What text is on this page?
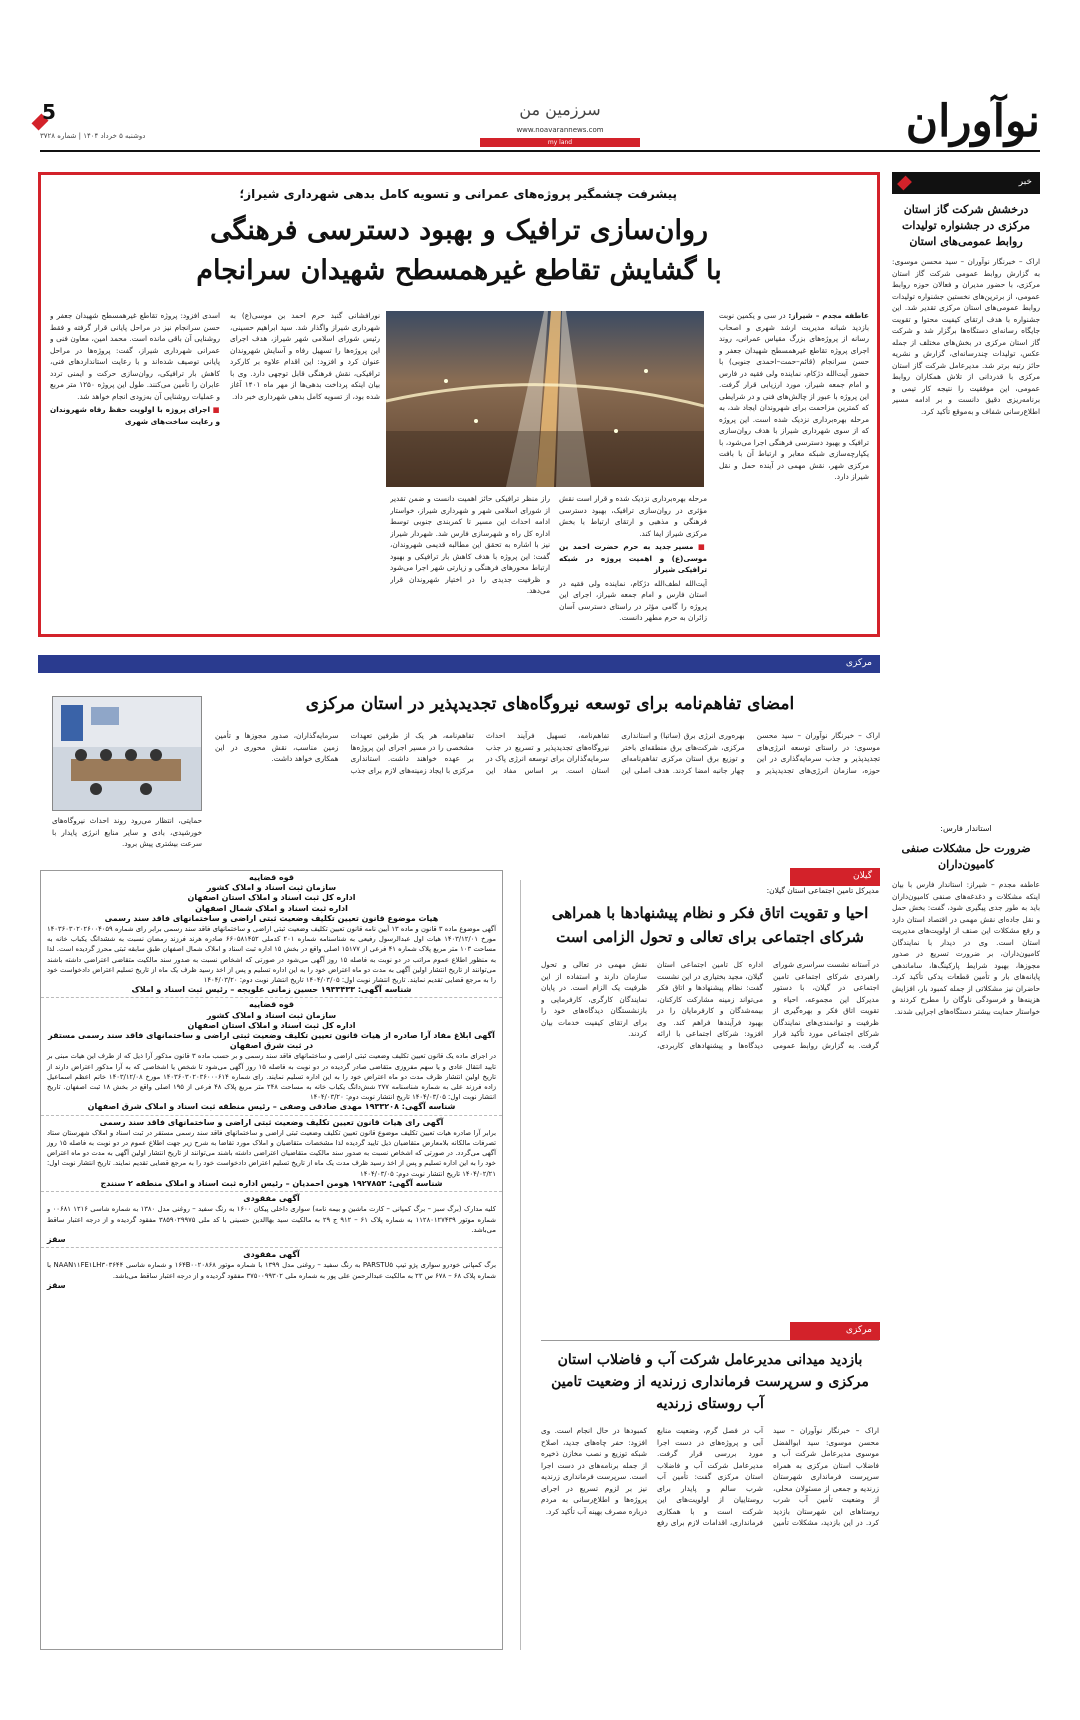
نوآوران
سرزمین من
www.noavarannews.com
my land
5
دوشنبه ۵ خرداد ۱۴۰۴ | شماره ۳۷۲۸
پیشرفت چشمگیر پروژه‌های عمرانی و تسویه کامل بدهی شهرداری شیراز؛
روان‌سازی ترافیک و بهبود دسترسی فرهنگی
با گشایش تقاطع غیرهمسطح شهیدان سرانجام
عاطفه مجدم – شیراز: در سی و یکمین نوبت بازدید شبانه مدیریت ارشد شهری و اصحاب رسانه از پروژه‌های بزرگ مقیاس عمرانی، روند اجرای پروژه تقاطع غیرهمسطح شهیدان جعفر و حسن سرانجام (قائم–حمت–احمدی جنوبی) با حضور آیت‌الله دژکام، نماینده ولی فقیه در فارس و امام جمعه شیراز، مورد ارزیابی قرار گرفت. این پروژه با عبور از چالش‌های فنی و در شرایطی که کمترین مزاحمت برای شهروندان ایجاد شد، به مرحله بهره‌برداری نزدیک شده است. این پروژه که از سوی شهرداری شیراز با هدف روان‌سازی ترافیک و بهبود دسترسی فرهنگی اجرا می‌شود، با یکپارچه‌سازی شبکه معابر و ارتباط آن با بافت مرکزی شهر، نقش مهمی در آینده حمل و نقل شیراز دارد.
مرحله بهره‌برداری نزدیک شده و قرار است نقش مؤثری در روان‌سازی ترافیک، بهبود دسترسی فرهنگی و مذهبی و ارتقای ارتباط با بخش مرکزی شیراز ایفا کند.
■ مسیر جدید به حرم حضرت احمد بن موسی(ع) و اهمیت پروژه در شبکه ترافیکی شیراز
آیت‌الله لطف‌الله دژکام، نماینده ولی فقیه در استان فارس و امام جمعه شیراز، اجرای این پروژه را گامی مؤثر در راستای دسترسی آسان زائران به حرم مطهر دانست.
راز منظر ترافیکی حائز اهمیت دانست و ضمن تقدیر از شورای اسلامی شهر و شهرداری شیراز، خواستار ادامه احداث این مسیر تا کمربندی جنوبی توسط اداره کل راه و شهرسازی فارس شد. شهردار شیراز نیز با اشاره به تحقق این مطالبه قدیمی شهروندان، گفت: این پروژه با هدف کاهش بار ترافیکی و بهبود ارتباط محورهای فرهنگی و زیارتی شهر اجرا می‌شود و ظرفیت جدیدی را در اختیار شهروندان قرار می‌دهد.
نورافشانی گنبد حرم احمد بن موسی(ع) به شهرداری شیراز واگذار شد. سید ابراهیم حسینی، رئیس شورای اسلامی شهر شیراز، هدف اجرای این پروژه‌ها را تسهیل رفاه و آسایش شهروندان عنوان کرد و افزود: این اقدام علاوه بر کارکرد ترافیکی، نقش فرهنگی قابل توجهی دارد. وی با بیان اینکه پرداخت بدهی‌ها از مهر ماه ۱۴۰۱ آغاز شده بود، از تسویه کامل بدهی شهرداری خبر داد.
اسدی افزود: پروژه تقاطع غیرهمسطح شهیدان جعفر و حسن سرانجام نیز در مراحل پایانی قرار گرفته و فقط روشنایی آن باقی مانده است. محمد امین، معاون فنی و عمرانی شهرداری شیراز، گفت: پروژه‌ها در مراحل پایانی توصیف شده‌اند و با رعایت استانداردهای فنی، کاهش بار ترافیکی، روان‌سازی حرکت و ایمنی تردد عابران را تأمین می‌کنند. طول این پروژه ۱۲۵۰ متر مربع و عملیات روشنایی آن به‌زودی انجام خواهد شد.
■ اجرای پروژه با اولویت حفظ رفاه شهروندان و رعایت ساخت‌های شهری
خبر
درخشش شرکت گاز استان مرکزی در جشنواره تولیدات روابط عمومی‌های استان
اراک – خبرنگار نوآوران – سید محسن موسوی: به گزارش روابط عمومی شرکت گاز استان مرکزی، با حضور مدیران و فعالان حوزه روابط عمومی، از برترین‌های نخستین جشنواره تولیدات روابط عمومی‌های استان مرکزی تقدیر شد. این جشنواره با هدف ارتقای کیفیت محتوا و تقویت جایگاه رسانه‌ای دستگاه‌ها برگزار شد و شرکت گاز استان مرکزی در بخش‌های مختلف از جمله عکس، تولیدات چندرسانه‌ای، گزارش و نشریه حائز رتبه برتر شد. مدیرعامل شرکت گاز استان مرکزی با قدردانی از تلاش همکاران روابط عمومی، این موفقیت را نتیجه کار تیمی و برنامه‌ریزی دقیق دانست و بر ادامه مسیر اطلاع‌رسانی شفاف و به‌موقع تأکید کرد.
استاندار فارس:
ضرورت حل مشکلات صنفی کامیون‌داران
عاطفه مجدم – شیراز: استاندار فارس با بیان اینکه مشکلات و دغدغه‌های صنفی کامیون‌داران باید به طور جدی پیگیری شود، گفت: بخش حمل و نقل جاده‌ای نقش مهمی در اقتصاد استان دارد و رفع مشکلات این صنف از اولویت‌های مدیریت استان است. وی در دیدار با نمایندگان کامیون‌داران، بر ضرورت تسریع در صدور مجوزها، بهبود شرایط پارکینگ‌ها، ساماندهی پایانه‌های بار و تأمین قطعات یدکی تأکید کرد. حاضران نیز مشکلاتی از جمله کمبود بار، افزایش هزینه‌ها و فرسودگی ناوگان را مطرح کردند و خواستار حمایت بیشتر دستگاه‌های اجرایی شدند.
مرکزی
امضای تفاهم‌نامه برای توسعه نیروگاه‌های تجدیدپذیر در استان مرکزی
اراک – خبرنگار نوآوران – سید محسن موسوی: در راستای توسعه انرژی‌های تجدیدپذیر و جذب سرمایه‌گذاری در این حوزه، سازمان انرژی‌های تجدیدپذیر و بهره‌وری انرژی برق (ساتبا) و استانداری مرکزی، شرکت‌های برق منطقه‌ای باختر و توزیع برق استان مرکزی تفاهم‌نامه‌ای چهار جانبه امضا کردند. هدف اصلی این تفاهم‌نامه، تسهیل فرآیند احداث نیروگاه‌های تجدیدپذیر و تسریع در جذب سرمایه‌گذاران برای توسعه انرژی پاک در استان است. بر اساس مفاد این تفاهم‌نامه، هر یک از طرفین تعهدات مشخصی را در مسیر اجرای این پروژه‌ها بر عهده خواهند داشت. استانداری مرکزی با ایجاد زمینه‌های لازم برای جذب سرمایه‌گذاران، صدور مجوزها و تأمین زمین مناسب، نقش محوری در این همکاری خواهد داشت.
حمایتی، انتظار می‌رود روند احداث نیروگاه‌های خورشیدی، بادی و سایر منابع انرژی پایدار با سرعت بیشتری پیش برود.
قوه قضاییه
سازمان ثبت اسناد و املاک کشور
اداره کل ثبت اسناد و املاک استان اصفهان
اداره ثبت اسناد و املاک شمال اصفهان
هیات موضوع قانون تعیین تکلیف وضعیت ثبتی اراضی و ساختمانهای فاقد سند رسمی

آگهی موضوع ماده ۳ قانون و ماده ۱۳ آیین نامه قانون تعیین تکلیف وضعیت ثبتی اراضی و ساختمانهای فاقد سند رسمی برابر رای شماره ۱۴۰۳۶۰۳۰۲۰۲۶۰۰۴۰۵۹ مورخ ۱۴۰۳/۱۲/۰۱ هیات اول عبدالرسول رفیعی به شناسنامه شماره ۲۰۱ کدملی ۶۶۰۵۸۱۴۵۲ صادره هرند فرزند رمضان نسبت به ششدانگ یکباب خانه به مساحت ۱۰۳ متر مربع پلاک شماره ۴۱ فرعی از ۱۵۱۷۷ اصلی واقع در بخش ۱۵ اداره ثبت اسناد و املاک شمال اصفهان طبق سابقه ثبتی محرز گردیده است. لذا به منظور اطلاع عموم مراتب در دو نوبت به فاصله ۱۵ روز آگهی می‌شود در صورتی که اشخاص نسبت به صدور سند مالکیت متقاضی اعتراضی داشته باشند می‌توانند از تاریخ انتشار اولین آگهی به مدت دو ماه اعتراض خود را به این اداره تسلیم و پس از اخذ رسید ظرف یک ماه از تاریخ تسلیم اعتراض دادخواست خود را به مرجع قضایی تقدیم نمایند. تاریخ انتشار نوبت اول: ۱۴۰۴/۰۳/۰۵ تاریخ انتشار نوبت دوم: ۱۴۰۴/۰۳/۲۰

شناسه آگهی: ۱۹۳۳۴۳۳ حسین زمانی علویجه – رئیس ثبت اسناد و املاک
قوه قضاییه
سازمان ثبت اسناد و املاک کشور
اداره کل ثبت اسناد و املاک استان اصفهان
آگهی ابلاغ مفاد آرا صادره از هیات قانون تعیین تکلیف وضعیت ثبتی اراضی و ساختمانهای فاقد سند رسمی مستقر در ثبت شرق اصفهان

در اجرای ماده یک قانون تعیین تکلیف وضعیت ثبتی اراضی و ساختمانهای فاقد سند رسمی و بر حسب ماده ۳ قانون مذکور آرا ذیل که از طرف این هیات مبنی بر تایید انتقال عادی و یا سهم مفروزی متقاضی صادر گردیده در دو نوبت به فاصله ۱۵ روز آگهی می‌شود تا شخص یا اشخاصی که به آرا مذکور اعتراض دارند از تاریخ اولین انتشار ظرف مدت دو ماه اعتراض خود را به این اداره تسلیم نمایند. رای شماره ۱۴۰۳۶۰۳۰۲۰۳۶۰۰۰۶۱۴ مورخ ۱۴۰۳/۱۲/۰۸ خانم اعظم اسماعیل زاده فرزند علی به شماره شناسنامه ۲۷۷ شش‌دانگ یکباب خانه به مساحت ۲۴۸ متر مربع پلاک ۴۸ فرعی از ۱۹۵ اصلی واقع در بخش ۱۸ ثبت اصفهان. تاریخ انتشار نوبت اول: ۱۴۰۴/۰۳/۰۵ تاریخ انتشار نوبت دوم: ۱۴۰۴/۰۳/۲۰

شناسه آگهی: ۱۹۳۳۲۰۸ مهدی صادقی وصفی – رئیس منطقه ثبت اسناد و املاک شرق اصفهان
آگهی رای هیات قانون تعیین تکلیف وضعیت ثبتی اراضی و ساختمانهای فاقد سند رسمی

برابر آرا صادره هیات تعیین تکلیف موضوع قانون تعیین تکلیف وضعیت ثبتی اراضی و ساختمانهای فاقد سند رسمی مستقر در ثبت اسناد و املاک شهرستان ستاد تصرفات مالکانه بلامعارض متقاضیان ذیل تایید گردیده لذا مشخصات متقاضیان و املاک مورد تقاضا به شرح زیر جهت اطلاع عموم در دو نوبت به فاصله ۱۵ روز آگهی می‌گردد. در صورتی که اشخاص نسبت به صدور سند مالکیت متقاضیان اعتراضی داشته باشند می‌توانند از تاریخ انتشار اولین آگهی به مدت دو ماه اعتراض خود را به این اداره تسلیم و پس از اخذ رسید ظرف مدت یک ماه از تاریخ تسلیم اعتراض دادخواست خود را به مرجع قضایی تقدیم نمایند. تاریخ انتشار نوبت اول: ۱۴۰۴/۰۲/۲۱ تاریخ انتشار نوبت دوم: ۱۴۰۴/۰۳/۰۵

شناسه آگهی: ۱۹۲۷۸۵۳ هومن احمدیان – رئیس اداره ثبت اسناد و املاک منطقه ۲ سنندج
آگهی مفقودی

کلیه مدارک (برگ سبز – برگ کمپانی – کارت ماشین و بیمه نامه) سواری داخلی پیکان ۱۶۰۰ به رنگ سفید – روغنی مدل ۱۳۸۰ به شماره شاسی ۱۲۱۶ ۰۰۶۸۱ و شماره موتور ۱۱۲۸۰۱۲۷۴۳۹ به شماره پلاک ۶۱ – ۹۱۲ ج ۲۹ به مالکیت سید بهاالدین حسینی با کد ملی ۳۸۵۹۰۲۹۹۷۵ مفقود گردیده و از درجه اعتبار ساقط می‌باشد.

سقز
آگهی مفقودی

برگ کمپانی خودرو سواری پژو تیپ PARSTU۵ به رنگ سفید – روغنی مدل ۱۳۹۹ با شماره موتور ۱۶۴B۰۰۲۰۸۶۸ و شماره شاسی NAAN۱۱FE۱LH۳۰۳۶۴۴ با شماره پلاک ۶۸ – ۶۷۸ س ۲۳ به مالکیت عبدالرحمن علی پور به شماره ملی ۳۷۵۰۰۹۹۳۰۲ مفقود گردیده و از درجه اعتبار ساقط می‌باشد.

سقز
گیلان
مدیرکل تامین اجتماعی استان گیلان:
احیا و تقویت اتاق فکر و نظام پیشنهادها با همراهی شرکای اجتماعی برای تعالی و تحول الزامی است
در آستانه نشست سراسری شورای راهبردی شرکای اجتماعی تامین اجتماعی در گیلان، با دستور مدیرکل این مجموعه، احیاء و تقویت اتاق فکر و بهره‌گیری از ظرفیت و توانمندی‌های نمایندگان شرکای اجتماعی مورد تأکید قرار گرفت. به گزارش روابط عمومی اداره کل تامین اجتماعی استان گیلان، مجید بختیاری در این نشست گفت: نظام پیشنهادها و اتاق فکر می‌تواند زمینه مشارکت کارکنان، بیمه‌شدگان و کارفرمایان را در بهبود فرآیندها فراهم کند. وی افزود: شرکای اجتماعی با ارائه دیدگاه‌ها و پیشنهادهای کاربردی، نقش مهمی در تعالی و تحول سازمان دارند و استفاده از این ظرفیت یک الزام است. در پایان نمایندگان کارگری، کارفرمایی و بازنشستگان دیدگاه‌های خود را برای ارتقای کیفیت خدمات بیان کردند.
مرکزی
بازدید میدانی مدیرعامل شرکت آب و فاضلاب استان مرکزی و سرپرست فرمانداری زرندیه از وضعیت تامین آب روستای زرندیه
اراک – خبرنگار نوآوران – سید محسن موسوی: سید ابوالفضل موسوی مدیرعامل شرکت آب و فاضلاب استان مرکزی به همراه سرپرست فرمانداری شهرستان زرندیه و جمعی از مسئولان محلی، از وضعیت تأمین آب شرب روستاهای این شهرستان بازدید کرد. در این بازدید، مشکلات تأمین آب در فصل گرم، وضعیت منابع آبی و پروژه‌های در دست اجرا مورد بررسی قرار گرفت. مدیرعامل شرکت آب و فاضلاب استان مرکزی گفت: تأمین آب شرب سالم و پایدار برای روستاییان از اولویت‌های این شرکت است و با همکاری فرمانداری، اقدامات لازم برای رفع کمبودها در حال انجام است. وی افزود: حفر چاه‌های جدید، اصلاح شبکه توزیع و نصب مخازن ذخیره از جمله برنامه‌های در دست اجرا است. سرپرست فرمانداری زرندیه نیز بر لزوم تسریع در اجرای پروژه‌ها و اطلاع‌رسانی به مردم درباره مصرف بهینه آب تأکید کرد.
